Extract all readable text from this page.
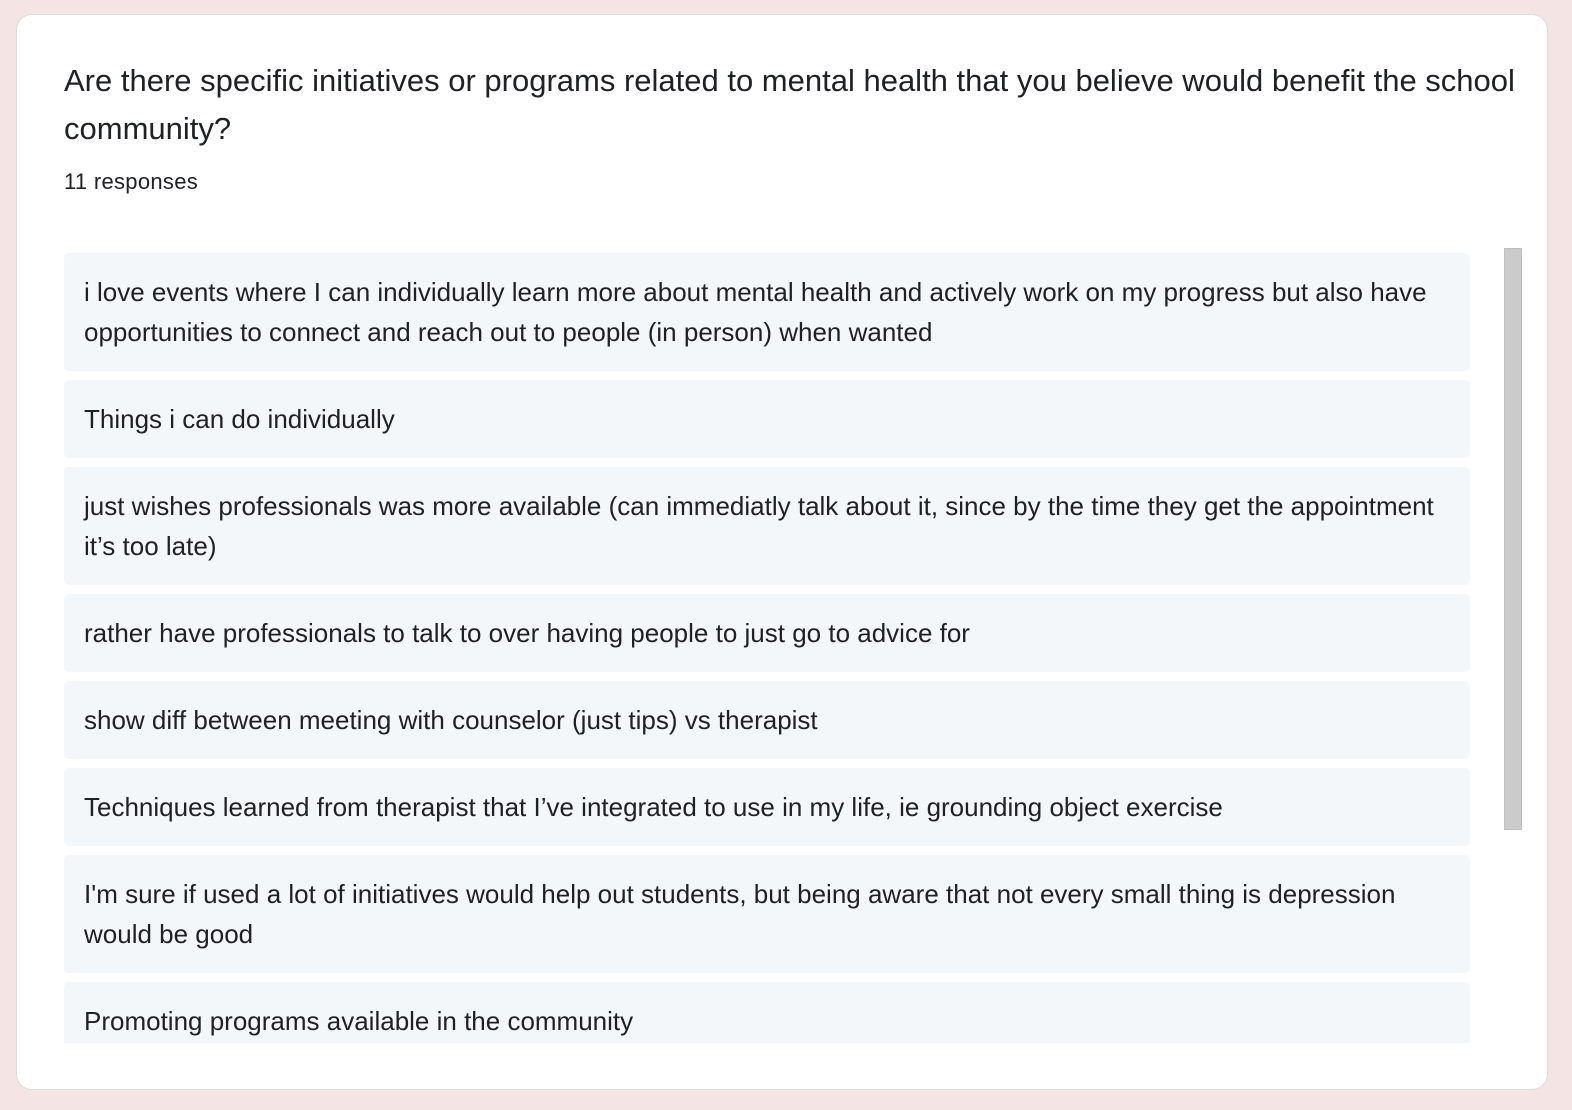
Are there specific initiatives or programs related to mental health that you believe would benefit the school community?
11 responses
i love events where I can individually learn more about mental health and actively work on my progress but also have opportunities to connect and reach out to people (in person) when wanted
Things i can do individually
just wishes professionals was more available (can immediatly talk about it, since by the time they get the appointment it’s too late)
rather have professionals to talk to over having people to just go to advice for
show diff between meeting with counselor (just tips) vs therapist
Techniques learned from therapist that I’ve integrated to use in my life, ie grounding object exercise
I'm sure if used a lot of initiatives would help out students, but being aware that not every small thing is depression would be good
Promoting programs available in the community
